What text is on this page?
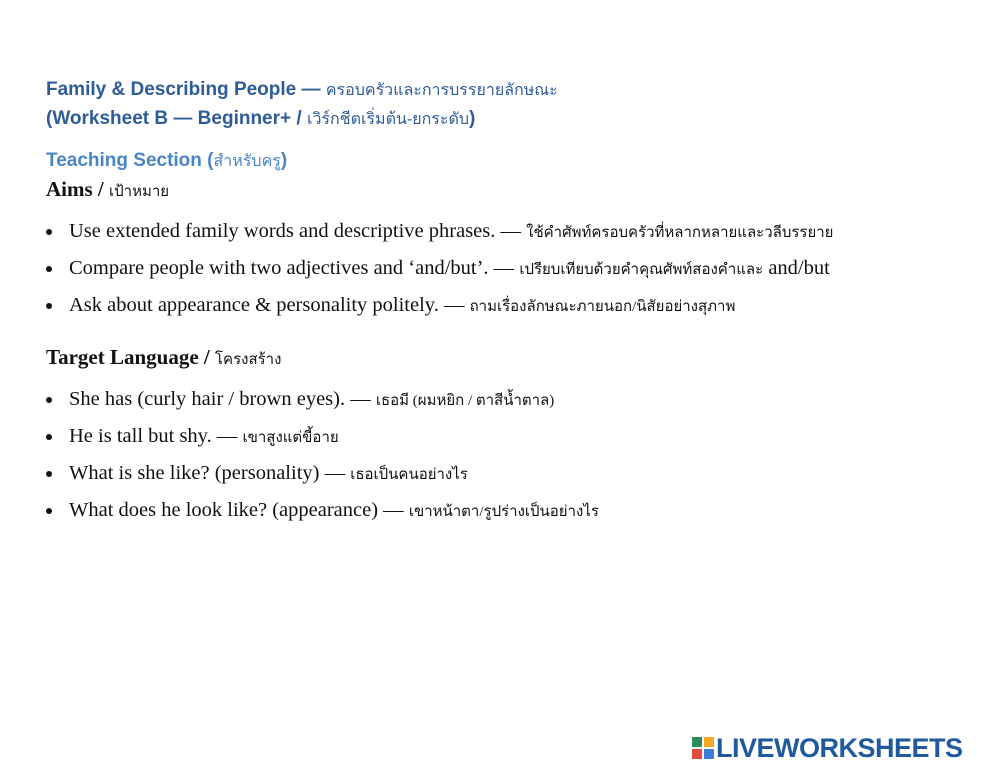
Family & Describing People — ครอบครัวและการบรรยายลักษณะ
(Worksheet B — Beginner+ / เวิร์กชีตเริ่มต้น-ยกระดับ)
Teaching Section (สำหรับครู)
Aims / เป้าหมาย
Use extended family words and descriptive phrases. — ใช้คำศัพท์ครอบครัวที่หลากหลายและวลีบรรยาย
Compare people with two adjectives and ‘and/but’. — เปรียบเทียบด้วยคำคุณศัพท์สองคำและ and/but
Ask about appearance & personality politely. — ถามเรื่องลักษณะภายนอก/นิสัยอย่างสุภาพ
Target Language / โครงสร้าง
She has (curly hair / brown eyes). — เธอมี (ผมหยิก / ตาสีน้ำตาล)
He is tall but shy. — เขาสูงแต่ขี้อาย
What is she like? (personality) — เธอเป็นคนอย่างไร
What does he look like? (appearance) — เขาหน้าตา/รูปร่างเป็นอย่างไร
LIVEWORKSHEETS
